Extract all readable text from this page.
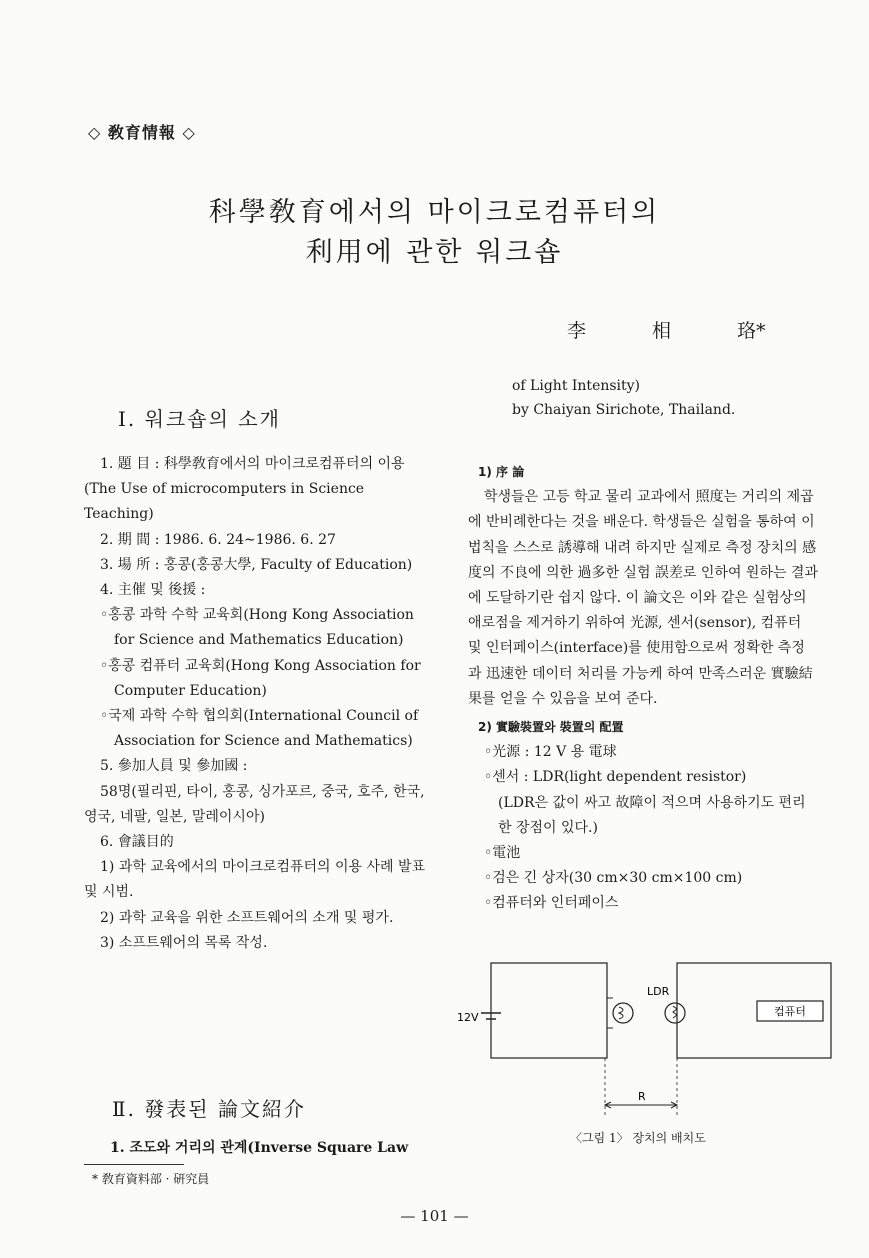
◇ 敎育情報 ◇
科學敎育에서의 마이크로컴퓨터의
利用에 관한 워크숍
李	相	珞*
Ⅰ. 워크숍의 소개

1. 題 目 : 科學敎育에서의 마이크로컴퓨터의 이용(The Use of microcomputers in Science Teaching)

2. 期 間 : 1986. 6. 24∼1986. 6. 27

3. 場 所 : 홍콩(홍콩大學, Faculty of Education)

4. 主催 및 後援 :

◦홍콩 과학 수학 교육회(Hong Kong Association for Science and Mathematics Education)

◦홍콩 컴퓨터 교육회(Hong Kong Association for Computer Education)

◦국제 과학 수학 협의회(International Council of Association for Science and Mathematics)

5. 參加人員 및 參加國 :

58명(필리핀, 타이, 홍콩, 싱가포르, 중국, 호주, 한국, 영국, 네팔, 일본, 말레이시아)

6. 會議目的

1) 과학 교육에서의 마이크로컴퓨터의 이용 사례 발표 및 시범.

2) 과학 교육을 위한 소프트웨어의 소개 및 평가.

3) 소프트웨어의 목록 작성.

Ⅱ. 發表된 論文紹介
1. 조도와 거리의 관계(Inverse Square Law
of Light Intensity)
by Chaiyan Sirichote, Thailand.

1) 序 論

학생들은 고등 학교 물리 교과에서 照度는 거리의 제곱에 반비례한다는 것을 배운다. 학생들은 실험을 통하여 이 법칙을 스스로 誘導해 내려 하지만 실제로 측정 장치의 感度의 不良에 의한 過多한 실험 誤差로 인하여 원하는 결과에 도달하기란 쉽지 않다. 이 論文은 이와 같은 실험상의 애로점을 제거하기 위하여 光源, 센서(sensor), 컴퓨터 및 인터페이스(interface)를 使用함으로써 정확한 측정과 迅速한 데이터 처리를 가능케 하여 만족스러운 實驗結果를 얻을 수 있음을 보여 준다.

2) 實驗裝置와 裝置의 配置

◦光源 : 12 V 용 電球

◦센서 : LDR(light dependent resistor)

(LDR은 값이 싸고 故障이 적으며 사용하기도 편리한 장점이 있다.)

◦電池

◦검은 긴 상자(30 cm×30 cm×100 cm)

◦컴퓨터와 인터페이스

12V
LDR
컴퓨터
R
〈그림 1〉 장치의 배치도
* 敎育資料部 · 硏究員
— 101 —
